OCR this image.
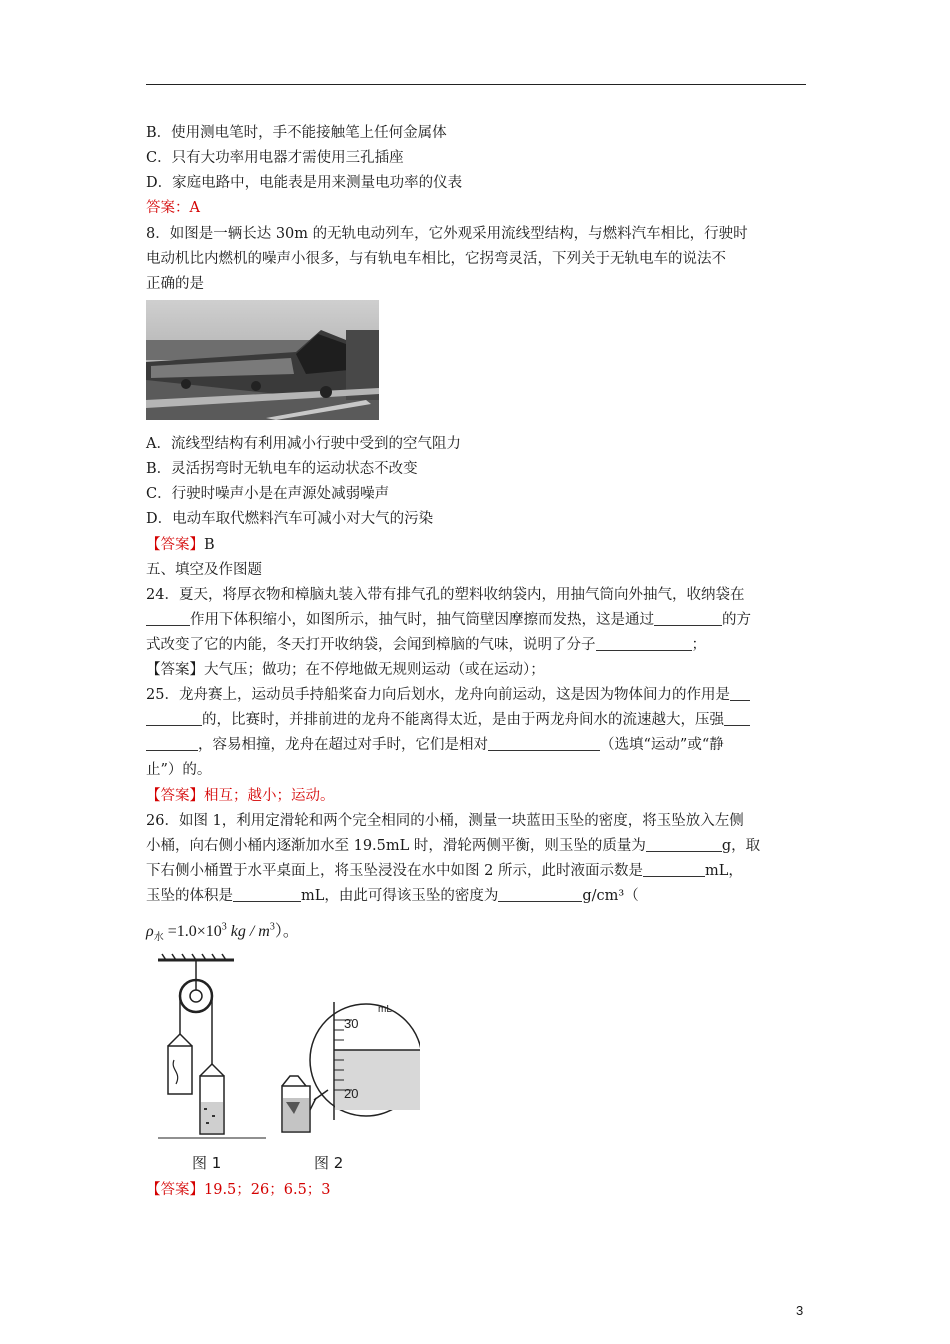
B．使用测电笔时，手不能接触笔上任何金属体
C．只有大功率用电器才需使用三孔插座
D．家庭电路中，电能表是用来测量电功率的仪表
答案：A
8．如图是一辆长达 30m 的无轨电动列车，它外观采用流线型结构，与燃料汽车相比，行驶时
电动机比内燃机的噪声小很多，与有轨电车相比，它拐弯灵活，下列关于无轨电车的说法不
正确的是
A．流线型结构有利用减小行驶中受到的空气阻力
B．灵活拐弯时无轨电车的运动状态不改变
C．行驶时噪声小是在声源处减弱噪声
D．电动车取代燃料汽车可减小对大气的污染
【答案】B
五、填空及作图题
24．夏天，将厚衣物和樟脑丸装入带有排气孔的塑料收纳袋内，用抽气筒向外抽气，收纳袋在
作用下体积缩小，如图所示，抽气时，抽气筒壁因摩擦而发热，这是通过	的方
式改变了它的内能，冬天打开收纳袋，会闻到樟脑的气味，说明了分子	；
【答案】大气压；做功；在不停地做无规则运动（或在运动）；
25．龙舟赛上，运动员手持船桨奋力向后划水，龙舟向前运动，这是因为物体间力的作用是
的，比赛时，并排前进的龙舟不能离得太近，是由于两龙舟间水的流速越大，压强
，容易相撞，龙舟在超过对手时，它们是相对	（选填“运动”或“静
止”）的。
【答案】相互；越小；运动。
26．如图 1，利用定滑轮和两个完全相同的小桶，测量一块蓝田玉坠的密度，将玉坠放入左侧
小桶，向右侧小桶内逐渐加水至 19.5mL 时，滑轮两侧平衡，则玉坠的质量为	g，取
下右侧小桶置于水平桌面上，将玉坠浸没在水中如图 2 所示，此时液面示数是	mL，
玉坠的体积是	mL，由此可得该玉坠的密度为	g/cm³（
$\rho_水 =1.0\times 10^3$ kg / $m^3$）。
30
20
mL
图 1	图 2
【答案】19.5；26；6.5；3
3
